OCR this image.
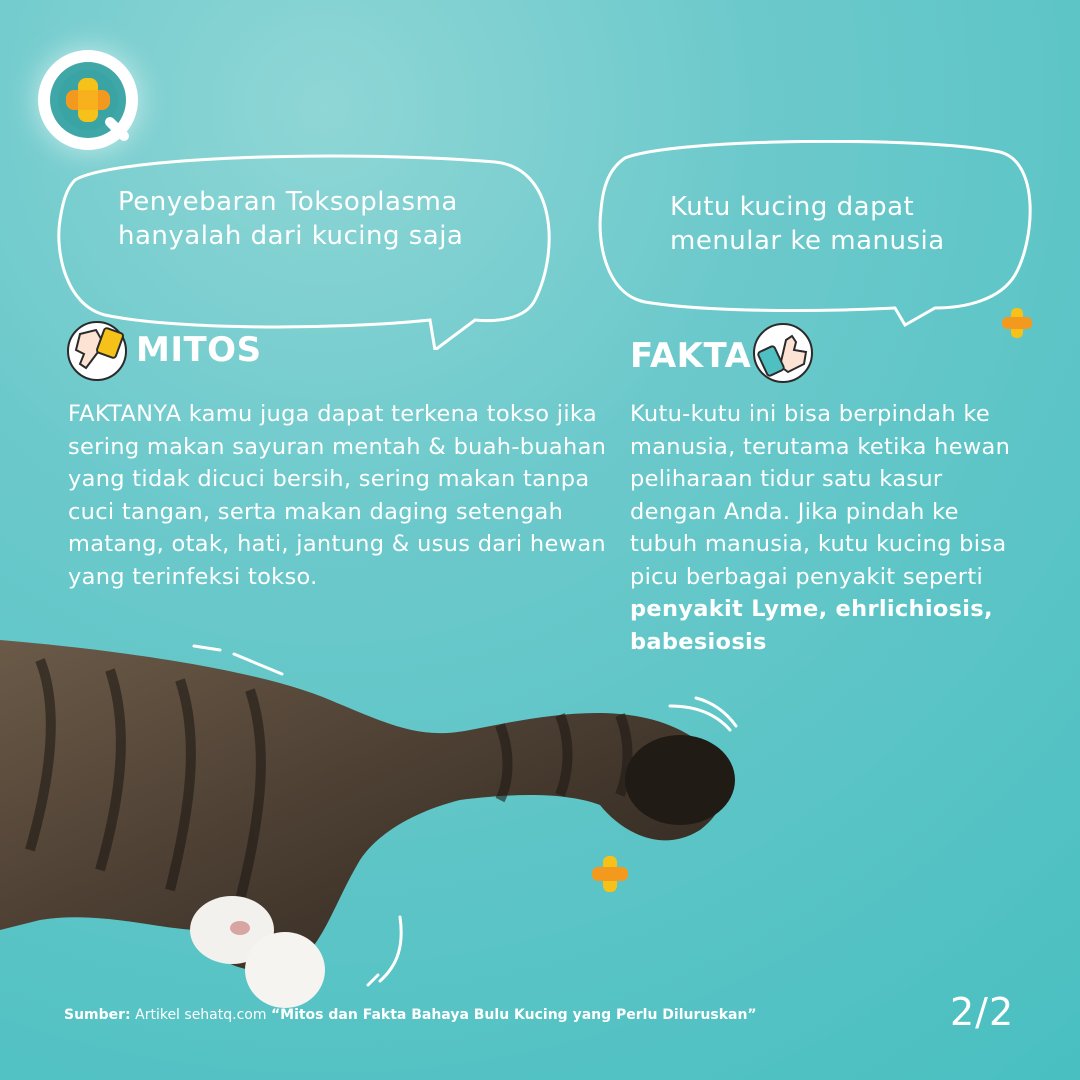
Penyebaran Toksoplasma
hanyalah dari kucing saja
Kutu kucing dapat
menular ke manusia
MITOS	FAKTA
FAKTANYA kamu juga dapat terkena tokso jika sering makan sayuran mentah & buah-buahan yang tidak dicuci bersih, sering makan tanpa cuci tangan, serta makan daging setengah matang, otak, hati, jantung & usus dari hewan yang terinfeksi tokso.
Kutu-kutu ini bisa berpindah ke manusia, terutama ketika hewan peliharaan tidur satu kasur dengan Anda. Jika pindah ke tubuh manusia, kutu kucing bisa picu berbagai penyakit seperti penyakit Lyme, ehrlichiosis, babesiosis
Sumber: Artikel sehatq.com “Mitos dan Fakta Bahaya Bulu Kucing yang Perlu Diluruskan”	2/2
